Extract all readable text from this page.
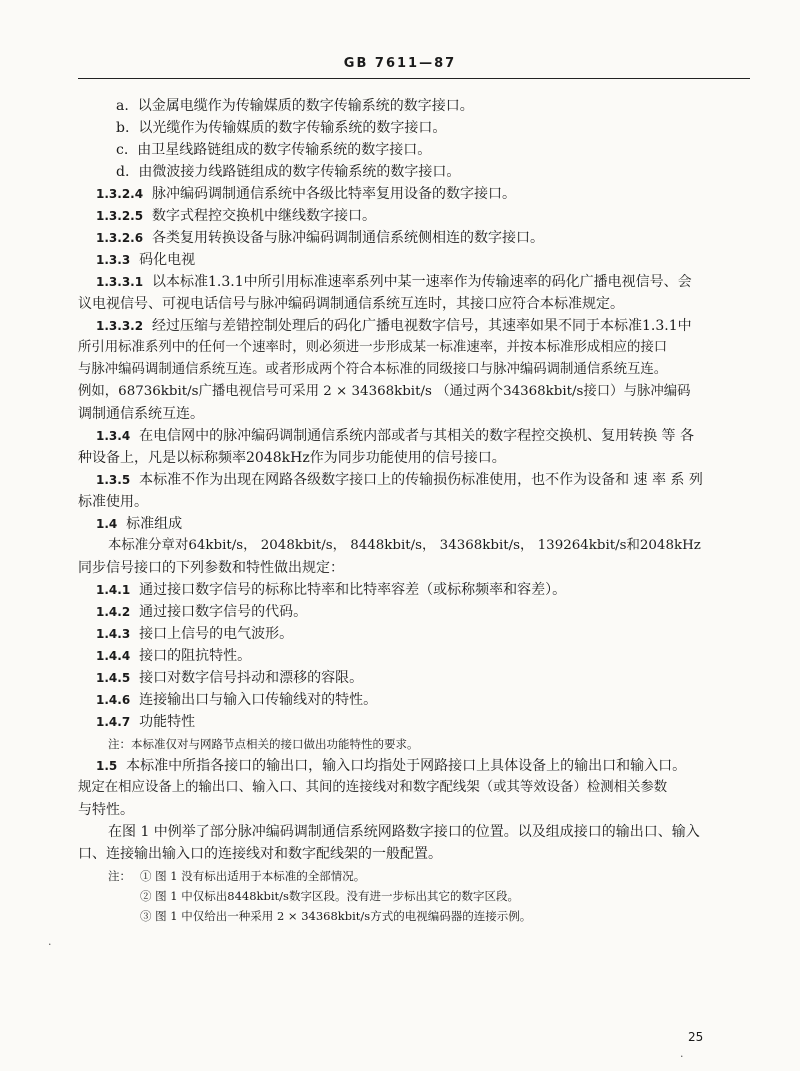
GB 7611—87
a. 以金属电缆作为传输媒质的数字传输系统的数字接口。
b. 以光缆作为传输媒质的数字传输系统的数字接口。
c. 由卫星线路链组成的数字传输系统的数字接口。
d. 由微波接力线路链组成的数字传输系统的数字接口。
1.3.2.4 脉冲编码调制通信系统中各级比特率复用设备的数字接口。
1.3.2.5 数字式程控交换机中继线数字接口。
1.3.2.6 各类复用转换设备与脉冲编码调制通信系统侧相连的数字接口。
1.3.3 码化电视
1.3.3.1 以本标准1.3.1中所引用标准速率系列中某一速率作为传输速率的码化广播电视信号、会
议电视信号、可视电话信号与脉冲编码调制通信系统互连时，其接口应符合本标准规定。
1.3.3.2 经过压缩与差错控制处理后的码化广播电视数字信号，其速率如果不同于本标准1.3.1中
所引用标准系列中的任何一个速率时，则必须进一步形成某一标准速率，并按本标准形成相应的接口
与脉冲编码调制通信系统互连。或者形成两个符合本标准的同级接口与脉冲编码调制通信系统互连。
例如，68736kbit/s广播电视信号可采用 2 × 34368kbit/s （通过两个34368kbit/s接口）与脉冲编码
调制通信系统互连。
1.3.4 在电信网中的脉冲编码调制通信系统内部或者与其相关的数字程控交换机、复用转换 等 各
种设备上，凡是以标称频率2048kHz作为同步功能使用的信号接口。
1.3.5 本标准不作为出现在网路各级数字接口上的传输损伤标准使用，也不作为设备和 速 率 系 列
标准使用。
1.4 标准组成
本标准分章对64kbit/s， 2048kbit/s， 8448kbit/s， 34368kbit/s， 139264kbit/s和2048kHz
同步信号接口的下列参数和特性做出规定：
1.4.1 通过接口数字信号的标称比特率和比特率容差（或标称频率和容差）。
1.4.2 通过接口数字信号的代码。
1.4.3 接口上信号的电气波形。
1.4.4 接口的阻抗特性。
1.4.5 接口对数字信号抖动和漂移的容限。
1.4.6 连接输出口与输入口传输线对的特性。
1.4.7 功能特性
注：本标准仅对与网路节点相关的接口做出功能特性的要求。
1.5 本标准中所指各接口的输出口，输入口均指处于网路接口上具体设备上的输出口和输入口。
规定在相应设备上的输出口、输入口、其间的连接线对和数字配线架（或其等效设备）检测相关参数
与特性。
在图 1 中例举了部分脉冲编码调制通信系统网路数字接口的位置。以及组成接口的输出口、输入
口、连接输出输入口的连接线对和数字配线架的一般配置。
注： ① 图 1 没有标出适用于本标准的全部情况。
② 图 1 中仅标出8448kbit/s数字区段。没有进一步标出其它的数字区段。
③ 图 1 中仅给出一种采用 2 × 34368kbit/s方式的电视编码器的连接示例。
·
·
25
